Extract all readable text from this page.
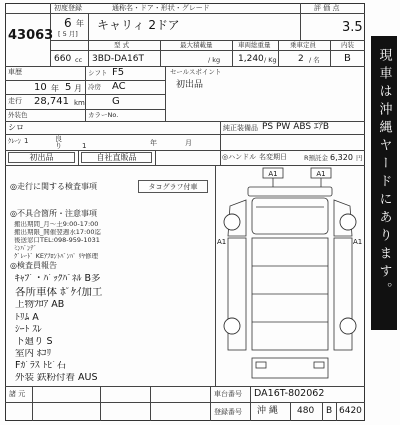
初度登録	通称名・ドア・形状・グレード	評 価 点
43063
6 年
[ 5 月]
キャリィ 2ドア	3.5
型 式	最大積載量	車両総重量	乗車定員	内装
660 cc 3BD-DA16T	/ kg 1,240 / Kg 2 / 名 B
車歴	シフト F5
10 年 5 月 冷房 AC
走行 28,741 km	G
外装色	カラーNo.
シロ
ｸﾚｰﾝ 1	良
り	1	年	月
初出品	自社直販品
セールスポイント
初出品
純正装備品 PS PW ABS ｴｱB
◎ハンドル 名変期日	R預託金 6,320 円
◎走行に関する検査事項	タコグラフ付車
◎不具合箇所・注意事項
搬出期間_月～土9:00-17:00
搬出期限_開催翌週水17:00迄
後送窓口TEL:098-959-1031
ﾐﾝﾊﾞﾝﾃﾞ
ｸﾞﾚｰﾄﾞ KEｱﾌﾛﾝﾄﾊﾞﾝﾊﾟ ﾘﾔ修理
◎検査員報告
ｷｬﾌﾞ・ﾊﾞｯｸﾊﾟﾈﾙ B多
各所車体 ﾎﾟｹｲ加工
上物ﾌﾛｱ AB
ﾄﾘﾑ A
ｼｰﾄ ｽﾚ
下廻り S
室内 ﾎｺﾘ
Fｶﾞﾗｽ ﾄﾋﾞ石
外装 鉄粉付着 AUS
A1	A1
A1	A1
諸 元	車台番号 DA16T-802062
登録番号 沖 縄 480 B 6420
現車は沖縄ヤードにあります。
